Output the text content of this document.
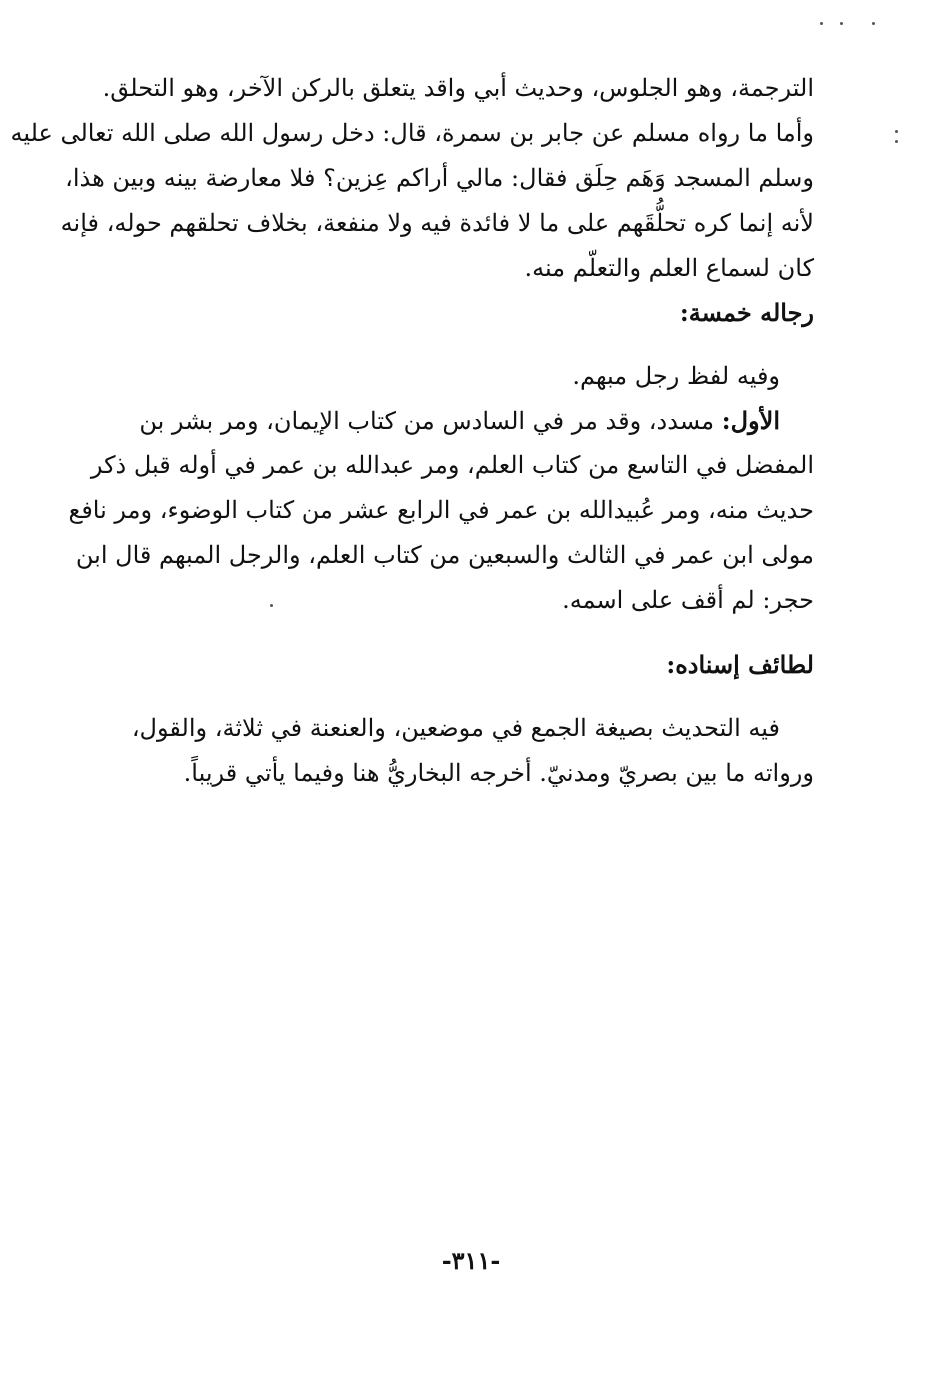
الترجمة، وهو الجلوس، وحديث أبي واقد يتعلق بالركن الآخر، وهو التحلق.
وأما ما رواه مسلم عن جابر بن سمرة، قال: دخل رسول الله صلى الله تعالى عليه
وسلم المسجد وَهَم حِلَق فقال: مالي أراكم عِزين؟ فلا معارضة بينه وبين هذا،
لأنه إنما كره تحلُّقَهم على ما لا فائدة فيه ولا منفعة، بخلاف تحلقهم حوله، فإنه
كان لسماع العلم والتعلّم منه.
رجاله خمسة:
وفيه لفظ رجل مبهم.
الأول: مسدد، وقد مر في السادس من كتاب الإيمان، ومر بشر بن
المفضل في التاسع من كتاب العلم، ومر عبدالله بن عمر في أوله قبل ذكر
حديث منه، ومر عُبيدالله بن عمر في الرابع عشر من كتاب الوضوء، ومر نافع
مولى ابن عمر في الثالث والسبعين من كتاب العلم، والرجل المبهم قال ابن
حجر: لم أقف على اسمه.
لطائف إسناده:
فيه التحديث بصيغة الجمع في موضعين، والعنعنة في ثلاثة، والقول،
ورواته ما بين بصريّ ومدنيّ. أخرجه البخاريُّ هنا وفيما يأتي قريباً.
-٣١١-
